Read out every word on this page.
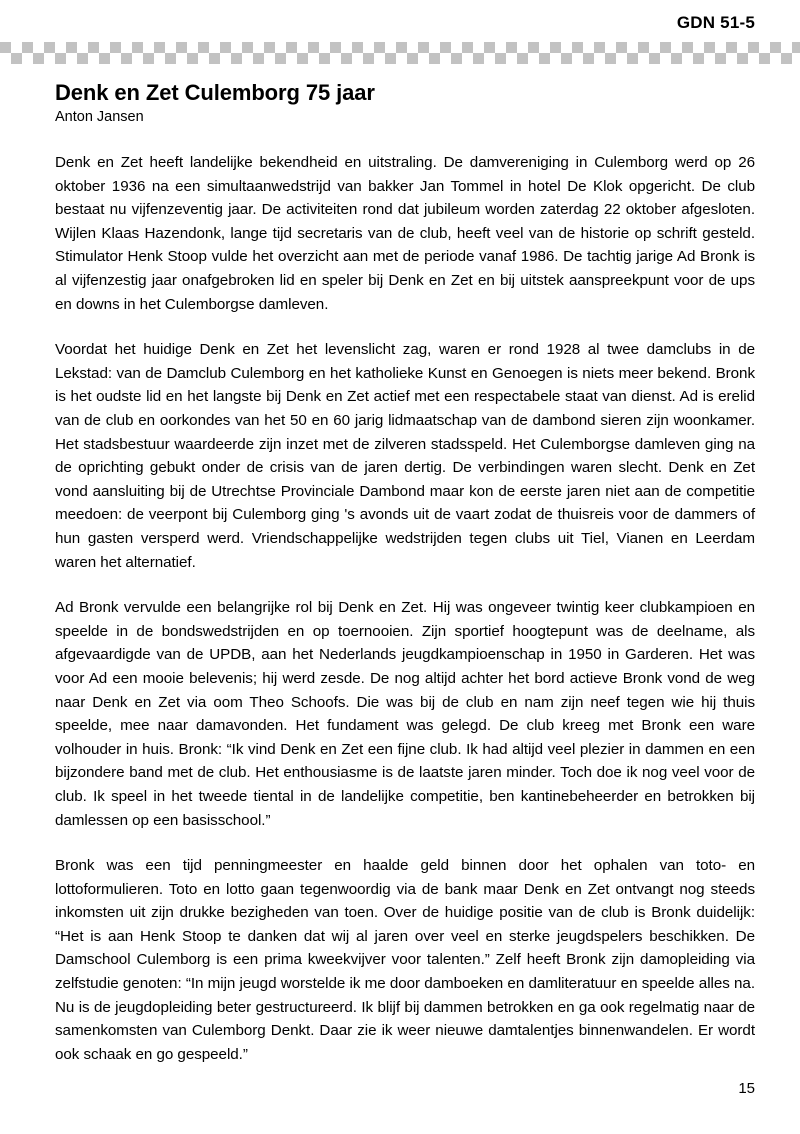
GDN 51-5
Denk en Zet Culemborg 75 jaar
Anton Jansen

Denk en Zet heeft landelijke bekendheid en uitstraling. De damvereniging in Culemborg werd op 26 oktober 1936 na een simultaanwedstrijd van bakker Jan Tommel in hotel De Klok opgericht. De club bestaat nu vijfenzeventig jaar. De activiteiten rond dat jubileum worden zaterdag 22 oktober afgesloten. Wijlen Klaas Hazendonk, lange tijd secretaris van de club, heeft veel van de historie op schrift gesteld. Stimulator Henk Stoop vulde het overzicht aan met de periode vanaf 1986. De tachtig jarige Ad Bronk is al vijfenzestig jaar onafgebroken lid en speler bij Denk en Zet en bij uitstek aanspreekpunt voor de ups en downs in het Culemborgse damleven.

Voordat het huidige Denk en Zet het levenslicht zag, waren er rond 1928 al twee damclubs in de Lekstad: van de Damclub Culemborg en het katholieke Kunst en Genoegen is niets meer bekend. Bronk is het oudste lid en het langste bij Denk en Zet actief met een respectabele staat van dienst. Ad is erelid van de club en oorkondes van het 50 en 60 jarig lidmaatschap van de dambond sieren zijn woonkamer. Het stadsbestuur waardeerde zijn inzet met de zilveren stadsspeld. Het Culemborgse damleven ging na de oprichting gebukt onder de crisis van de jaren dertig. De verbindingen waren slecht. Denk en Zet vond aansluiting bij de Utrechtse Provinciale Dambond maar kon de eerste jaren niet aan de competitie meedoen: de veerpont bij Culemborg ging 's avonds uit de vaart zodat de thuisreis voor de dammers of hun gasten versperd werd. Vriendschappelijke wedstrijden tegen clubs uit Tiel, Vianen en Leerdam waren het alternatief.

Ad Bronk vervulde een belangrijke rol bij Denk en Zet. Hij was ongeveer twintig keer clubkampioen en speelde in de bondswedstrijden en op toernooien. Zijn sportief hoogtepunt was de deelname, als afgevaardigde van de UPDB, aan het Nederlands jeugdkampioenschap in 1950 in Garderen. Het was voor Ad een mooie belevenis; hij werd zesde. De nog altijd achter het bord actieve Bronk vond de weg naar Denk en Zet via oom Theo Schoofs. Die was bij de club en nam zijn neef tegen wie hij thuis speelde, mee naar damavonden. Het fundament was gelegd. De club kreeg met Bronk een ware volhouder in huis. Bronk: “Ik vind Denk en Zet een fijne club. Ik had altijd veel plezier in dammen en een bijzondere band met de club. Het enthousiasme is de laatste jaren minder. Toch doe ik nog veel voor de club. Ik speel in het tweede tiental in de landelijke competitie, ben kantinebeheerder en betrokken bij damlessen op een basisschool.”

Bronk was een tijd penningmeester en haalde geld binnen door het ophalen van toto- en lottoformulieren. Toto en lotto gaan tegenwoordig via de bank maar Denk en Zet ontvangt nog steeds inkomsten uit zijn drukke bezigheden van toen. Over de huidige positie van de club is Bronk duidelijk: “Het is aan Henk Stoop te danken dat wij al jaren over veel en sterke jeugdspelers beschikken. De Damschool Culemborg is een prima kweekvijver voor talenten.” Zelf heeft Bronk zijn damopleiding via zelfstudie genoten: “In mijn jeugd worstelde ik me door damboeken en damliteratuur en speelde alles na. Nu is de jeugdopleiding beter gestructureerd. Ik blijf bij dammen betrokken en ga ook regelmatig naar de samenkomsten van Culemborg Denkt. Daar zie ik weer nieuwe damtalentjes binnenwandelen. Er wordt ook schaak en go gespeeld.”

15
